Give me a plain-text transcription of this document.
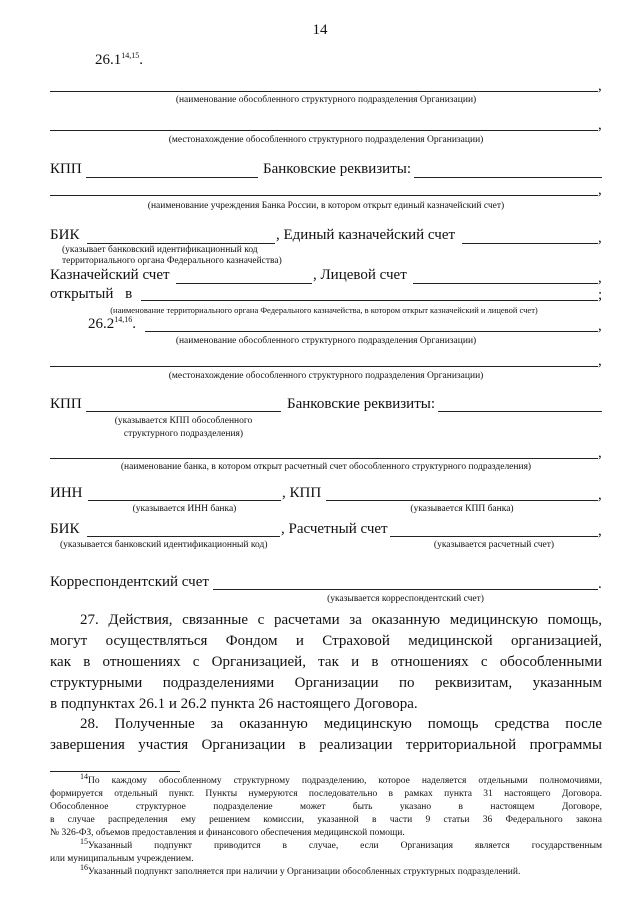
14
26.1$^{14,15}$.
,
(наименование обособленного структурного подразделения Организации)
,
(местонахождение обособленного структурного подразделения Организации)
КПП	Банковские реквизиты:
,
(наименование учреждения Банка России, в котором открыт единый казначейский счет)
БИК	, Единый казначейский счет	,
(указывает банковский идентификационный код
территориального органа Федерального казначейства)
Казначейский счет	, Лицевой счет	,
открытый в	;
(наименование территориального органа Федерального казначейства, в котором открыт казначейский и лицевой счет)
26.2$^{14,16}$.	,
(наименование обособленного структурного подразделения Организации)
,
(местонахождение обособленного структурного подразделения Организации)
КПП	Банковские реквизиты:
(указывается КПП обособленного
структурного подразделения)
,
(наименование банка, в котором открыт расчетный счет обособленного структурного подразделения)
ИНН	, КПП	,
(указывается ИНН банка)	(указывается КПП банка)
БИК	, Расчетный счет	,
(указывается банковский идентификационный код)	(указывается расчетный счет)
Корреспондентский счет	.
(указывается корреспондентский счет)
27. Действия, связанные с расчетами за оказанную медицинскую помощь,
могут осуществляться Фондом и Страховой медицинской организацией,
как в отношениях с Организацией, так и в отношениях с обособленными
структурными подразделениями Организации по реквизитам, указанным
в подпунктах 26.1 и 26.2 пункта 26 настоящего Договора.
28. Полученные за оказанную медицинскую помощь средства после
завершения участия Организации в реализации территориальной программы
$^{14}$По каждому обособленному структурному подразделению, которое наделяется отдельными полномочиями,
формируется отдельный пункт. Пункты нумеруются последовательно в рамках пункта 31 настоящего Договора.
Обособленное структурное подразделение может быть указано в настоящем Договоре,
в случае распределения ему решением комиссии, указанной в части 9 статьи 36 Федерального закона
№ 326-ФЗ, объемов предоставления и финансового обеспечения медицинской помощи.
$^{15}$Указанный подпункт приводится в случае, если Организация является государственным
или муниципальным учреждением.
$^{16}$Указанный подпункт заполняется при наличии у Организации обособленных структурных подразделений.
